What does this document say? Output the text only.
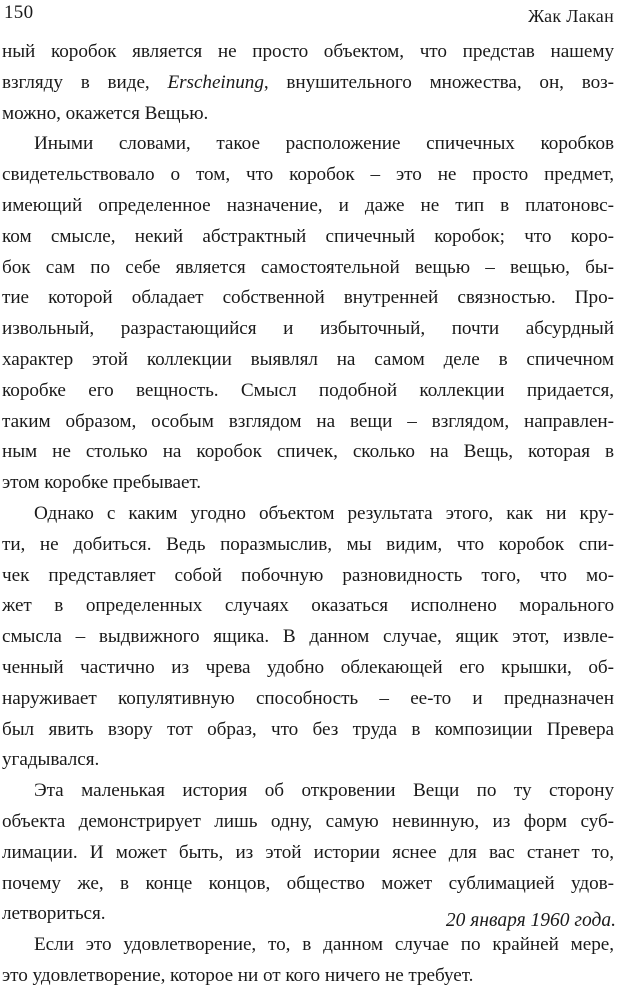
150	Жак Лакан
ный коробок является не просто объектом, что представ нашему
взгляду в виде, Erscheinung, внушительного множества, он, воз-
можно, окажется Вещью.
Иными словами, такое расположение спичечных коробков
свидетельствовало о том, что коробок – это не просто предмет,
имеющий определенное назначение, и даже не тип в платоновс-
ком смысле, некий абстрактный спичечный коробок; что коро-
бок сам по себе является самостоятельной вещью – вещью, бы-
тие которой обладает собственной внутренней связностью. Про-
извольный, разрастающийся и избыточный, почти абсурдный
характер этой коллекции выявлял на самом деле в спичечном
коробке его вещность. Смысл подобной коллекции придается,
таким образом, особым взглядом на вещи – взглядом, направлен-
ным не столько на коробок спичек, сколько на Вещь, которая в
этом коробке пребывает.
Однако с каким угодно объектом результата этого, как ни кру-
ти, не добиться. Ведь поразмыслив, мы видим, что коробок спи-
чек представляет собой побочную разновидность того, что мо-
жет в определенных случаях оказаться исполнено морального
смысла – выдвижного ящика. В данном случае, ящик этот, извле-
ченный частично из чрева удобно облекающей его крышки, об-
наруживает копулятивную способность – ее-то и предназначен
был явить взору тот образ, что без труда в композиции Превера
угадывался.
Эта маленькая история об откровении Вещи по ту сторону
объекта демонстрирует лишь одну, самую невинную, из форм суб-
лимации. И может быть, из этой истории яснее для вас станет то,
почему же, в конце концов, общество может сублимацией удов-
летвориться.
Если это удовлетворение, то, в данном случае по крайней мере,
это удовлетворение, которое ни от кого ничего не требует.
20 января 1960 года.
